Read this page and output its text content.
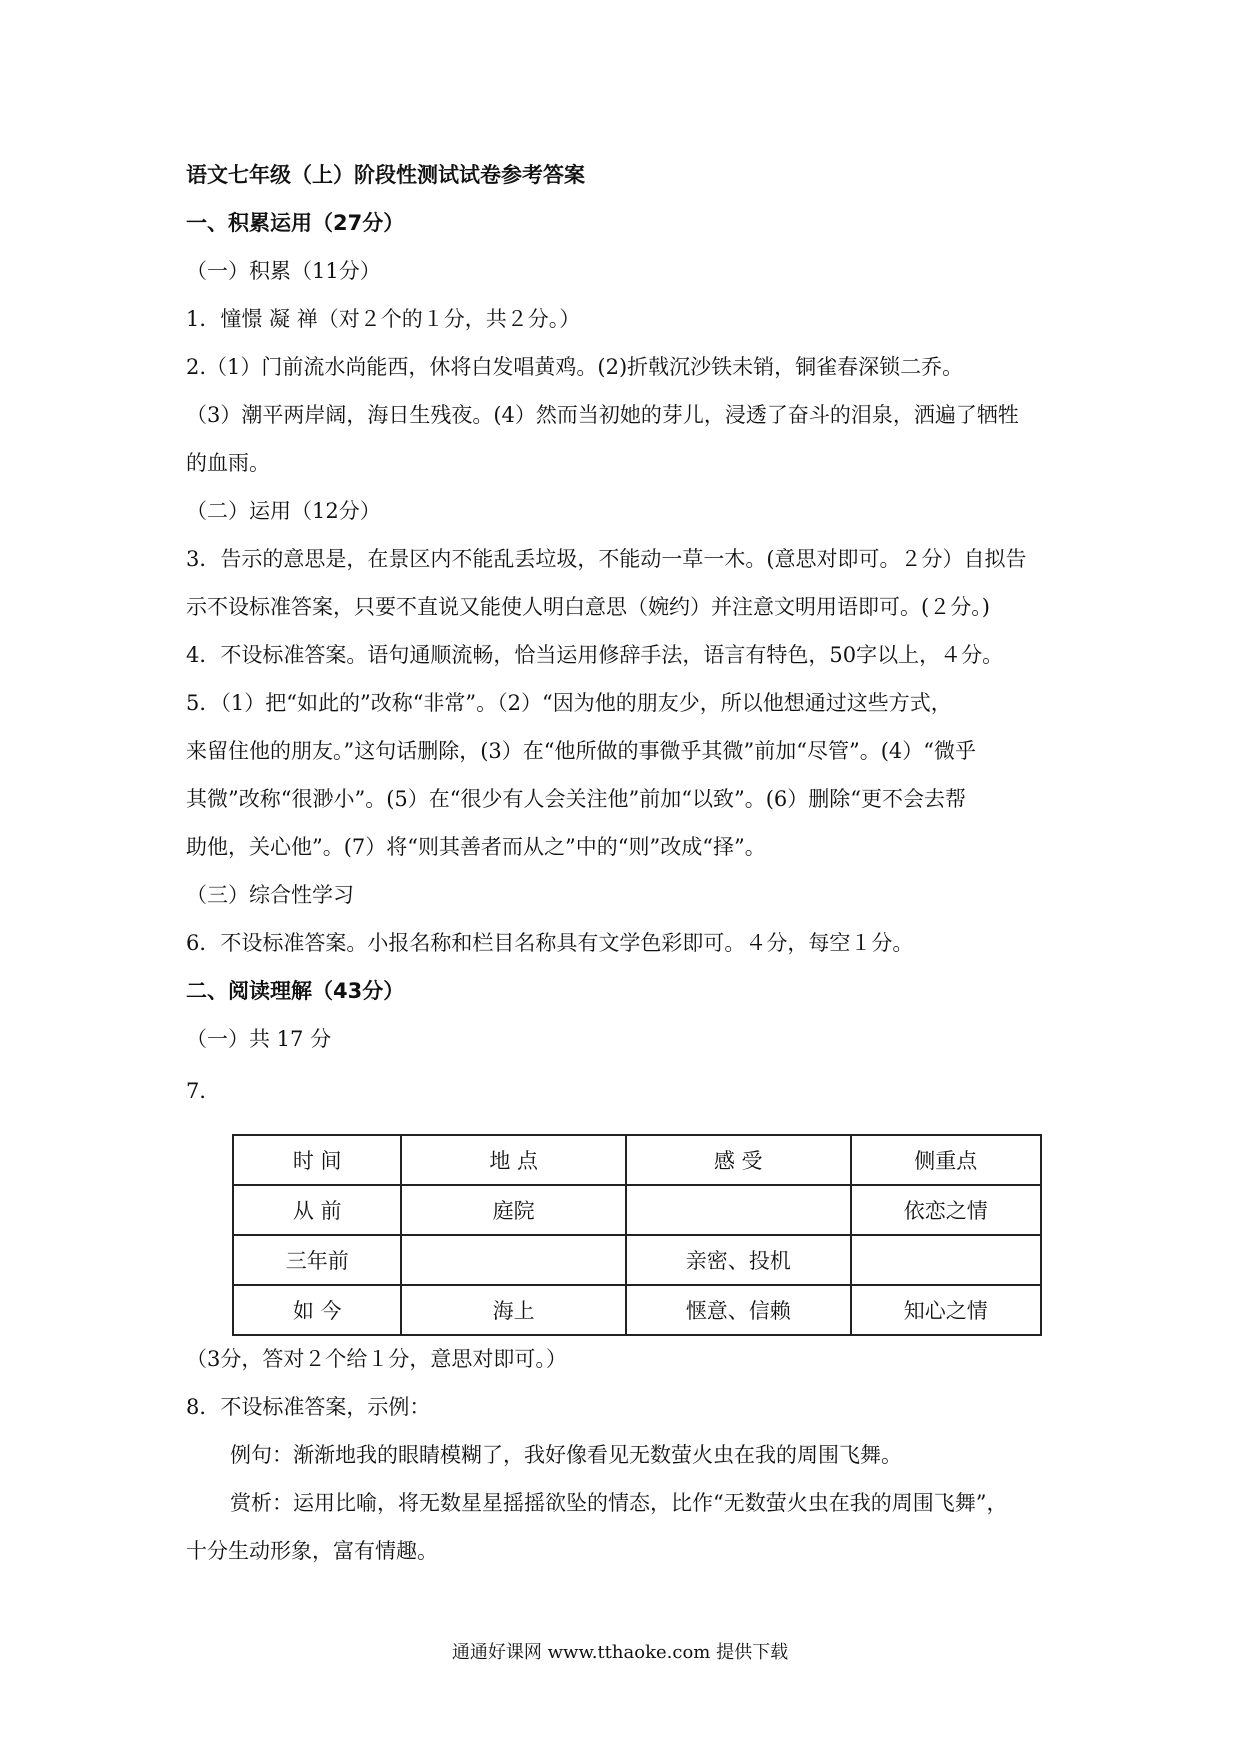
语文七年级（上）阶段性测试试卷参考答案
一、积累运用（27分）
（一）积累（11分）
1．憧憬 凝 禅（对２个的１分，共２分。）
2.（1）门前流水尚能西，休将白发唱黄鸡。(2)折戟沉沙铁未销，铜雀春深锁二乔。
（3）潮平两岸阔，海日生残夜。(4）然而当初她的芽儿，浸透了奋斗的泪泉，洒遍了牺牲
的血雨。
（二）运用（12分）
3．告示的意思是，在景区内不能乱丢垃圾，不能动一草一木。(意思对即可。２分）自拟告
示不设标准答案，只要不直说又能使人明白意思（婉约）并注意文明用语即可。(２分。)
4．不设标准答案。语句通顺流畅，恰当运用修辞手法，语言有特色，50字以上，４分。
5．（1）把“如此的”改称“非常”。（2）“因为他的朋友少，所以他想通过这些方式，
来留住他的朋友。”这句话删除，(3）在“他所做的事微乎其微”前加“尽管”。(4）“微乎
其微”改称“很渺小”。(5）在“很少有人会关注他”前加“以致”。(6）删除“更不会去帮
助他，关心他”。(7）将“则其善者而从之”中的“则”改成“择”。
（三）综合性学习
6．不设标准答案。小报名称和栏目名称具有文学色彩即可。４分，每空１分。
二、阅读理解（43分）
（一）共 17 分
7．
时 间	地 点	感 受	侧重点
从 前	庭院		依恋之情
三年前		亲密、投机	
如 今	海上	惬意、信赖	知心之情
（3分，答对２个给１分，意思对即可。）
8．不设标准答案，示例：
例句：渐渐地我的眼睛模糊了，我好像看见无数萤火虫在我的周围飞舞。
赏析：运用比喻，将无数星星摇摇欲坠的情态，比作“无数萤火虫在我的周围飞舞”，
十分生动形象，富有情趣。
通通好课网 www.tthaoke.com 提供下载
